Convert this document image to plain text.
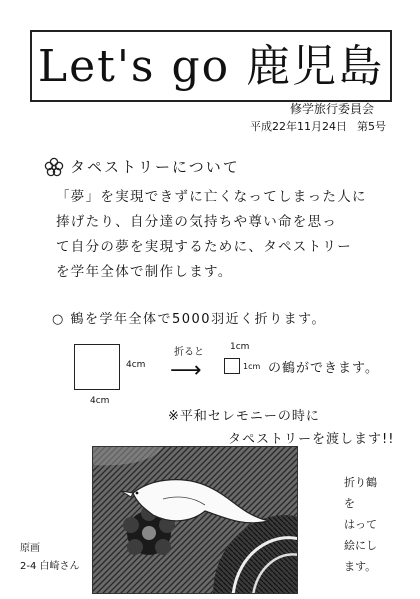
Let's go 鹿児島
修学旅行委員会
平成22年11月24日 第5号
タペストリーについて
「夢」を実現できずに亡くなってしまった人に
捧げたり、自分達の気持ちや尊い命を思っ
て自分の夢を実現するために、タペストリー
を学年全体で制作します。
○ 鶴を学年全体で5000羽近く折ります。
4cm
4cm
折ると
⟶
1cm
1cm の鶴ができます。
※平和セレモニーの時に
タペストリーを渡します!!
折り鶴を
はって
絵にします。
原画
2-4 白崎さん
